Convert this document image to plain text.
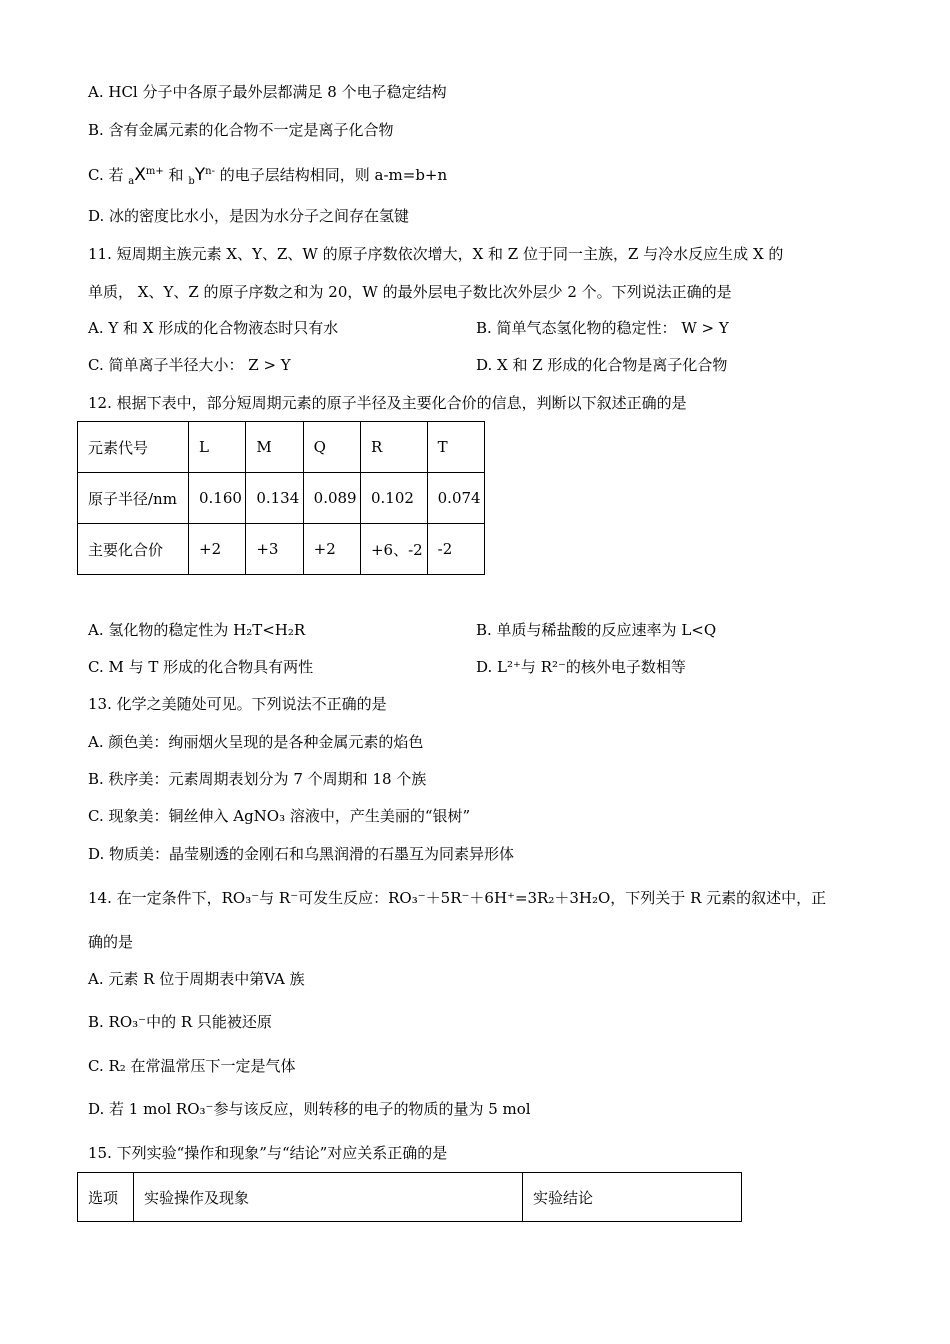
A. HCl 分子中各原子最外层都满足 8 个电子稳定结构
B. 含有金属元素的化合物不一定是离子化合物
C. 若 $_aX^{m+}$ 和 $_bY^{n-}$ 的电子层结构相同，则 a-m=b+n
D. 冰的密度比水小，是因为水分子之间存在氢键
11. 短周期主族元素 X、Y、Z、W 的原子序数依次增大，X 和 Z 位于同一主族，Z 与冷水反应生成 X 的
单质， X、Y、Z 的原子序数之和为 20，W 的最外层电子数比次外层少 2 个。下列说法正确的是
A. Y 和 X 形成的化合物液态时只有水	B. 简单气态氢化物的稳定性： W > Y
C. 简单离子半径大小： Z > Y	D. X 和 Z 形成的化合物是离子化合物
12. 根据下表中，部分短周期元素的原子半径及主要化合价的信息，判断以下叙述正确的是
元素代号	L	M	Q	R	T
原子半径/nm	0.160	0.134	0.089	0.102	0.074
主要化合价	+2	+3	+2	+6、-2	-2
A. 氢化物的稳定性为 H₂T<H₂R	B. 单质与稀盐酸的反应速率为 L<Q
C. M 与 T 形成的化合物具有两性	D. L²⁺与 R²⁻的核外电子数相等
13. 化学之美随处可见。下列说法不正确的是
A. 颜色美：绚丽烟火呈现的是各种金属元素的焰色
B. 秩序美：元素周期表划分为 7 个周期和 18 个族
C. 现象美：铜丝伸入 AgNO₃ 溶液中，产生美丽的“银树”
D. 物质美：晶莹剔透的金刚石和乌黑润滑的石墨互为同素异形体
14. 在一定条件下，RO₃⁻与 R⁻可发生反应：RO₃⁻＋5R⁻＋6H⁺=3R₂＋3H₂O，下列关于 R 元素的叙述中，正
确的是
A. 元素 R 位于周期表中第VA 族
B. RO₃⁻中的 R 只能被还原
C. R₂ 在常温常压下一定是气体
D. 若 1 mol RO₃⁻参与该反应，则转移的电子的物质的量为 5 mol
15. 下列实验“操作和现象”与“结论”对应关系正确的是
选项	实验操作及现象	实验结论
